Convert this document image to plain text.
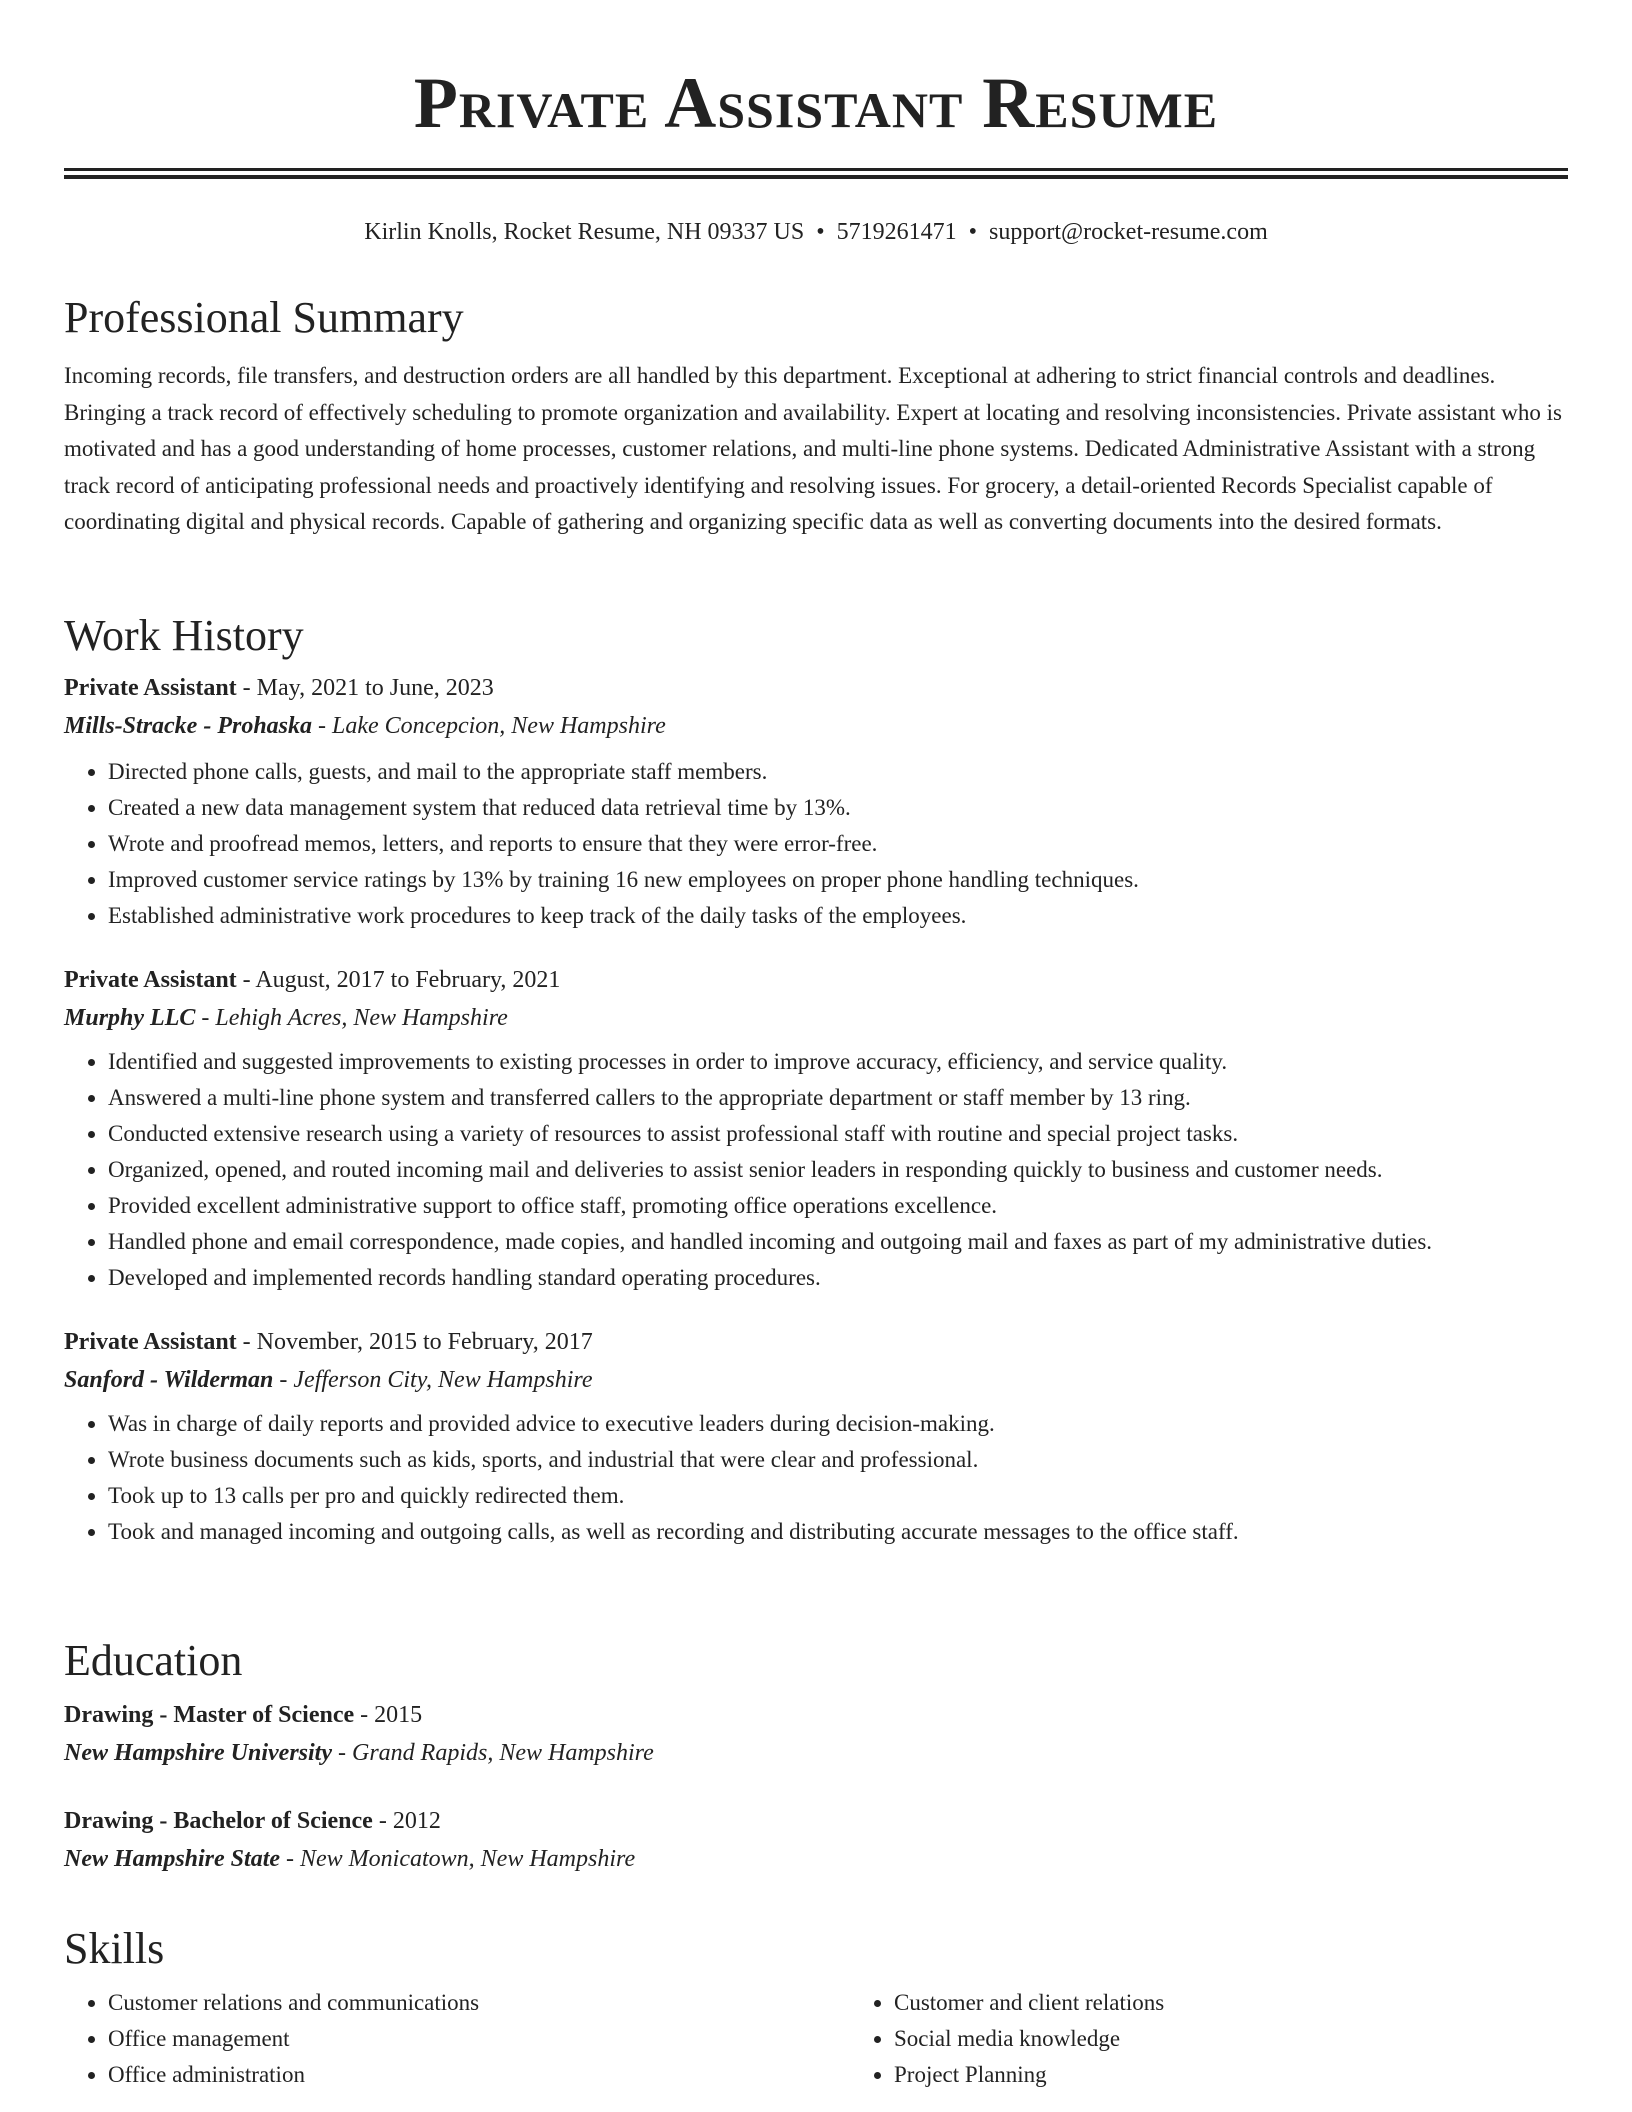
Private Assistant Resume
Kirlin Knolls, Rocket Resume, NH 09337 US • 5719261471 • support@rocket-resume.com
Professional Summary

Incoming records, file transfers, and destruction orders are all handled by this department. Exceptional at adhering to strict financial controls and deadlines. Bringing a track record of effectively scheduling to promote organization and availability. Expert at locating and resolving inconsistencies. Private assistant who is motivated and has a good understanding of home processes, customer relations, and multi-line phone systems. Dedicated Administrative Assistant with a strong track record of anticipating professional needs and proactively identifying and resolving issues. For grocery, a detail-oriented Records Specialist capable of coordinating digital and physical records. Capable of gathering and organizing specific data as well as converting documents into the desired formats.

Work History
Private Assistant - May, 2021 to June, 2023
Mills-Stracke - Prohaska - Lake Concepcion, New Hampshire
• Directed phone calls, guests, and mail to the appropriate staff members.
• Created a new data management system that reduced data retrieval time by 13%.
• Wrote and proofread memos, letters, and reports to ensure that they were error-free.
• Improved customer service ratings by 13% by training 16 new employees on proper phone handling techniques.
• Established administrative work procedures to keep track of the daily tasks of the employees.
Private Assistant - August, 2017 to February, 2021
Murphy LLC - Lehigh Acres, New Hampshire
• Identified and suggested improvements to existing processes in order to improve accuracy, efficiency, and service quality.
• Answered a multi-line phone system and transferred callers to the appropriate department or staff member by 13 ring.
• Conducted extensive research using a variety of resources to assist professional staff with routine and special project tasks.
• Organized, opened, and routed incoming mail and deliveries to assist senior leaders in responding quickly to business and customer needs.
• Provided excellent administrative support to office staff, promoting office operations excellence.
• Handled phone and email correspondence, made copies, and handled incoming and outgoing mail and faxes as part of my administrative duties.
• Developed and implemented records handling standard operating procedures.
Private Assistant - November, 2015 to February, 2017
Sanford - Wilderman - Jefferson City, New Hampshire
• Was in charge of daily reports and provided advice to executive leaders during decision-making.
• Wrote business documents such as kids, sports, and industrial that were clear and professional.
• Took up to 13 calls per pro and quickly redirected them.
• Took and managed incoming and outgoing calls, as well as recording and distributing accurate messages to the office staff.
Education
Drawing - Master of Science - 2015
New Hampshire University - Grand Rapids, New Hampshire
Drawing - Bachelor of Science - 2012
New Hampshire State - New Monicatown, New Hampshire
Skills
• Customer relations and communications
• Office management
• Office administration
• Customer and client relations
• Social media knowledge
• Project Planning
